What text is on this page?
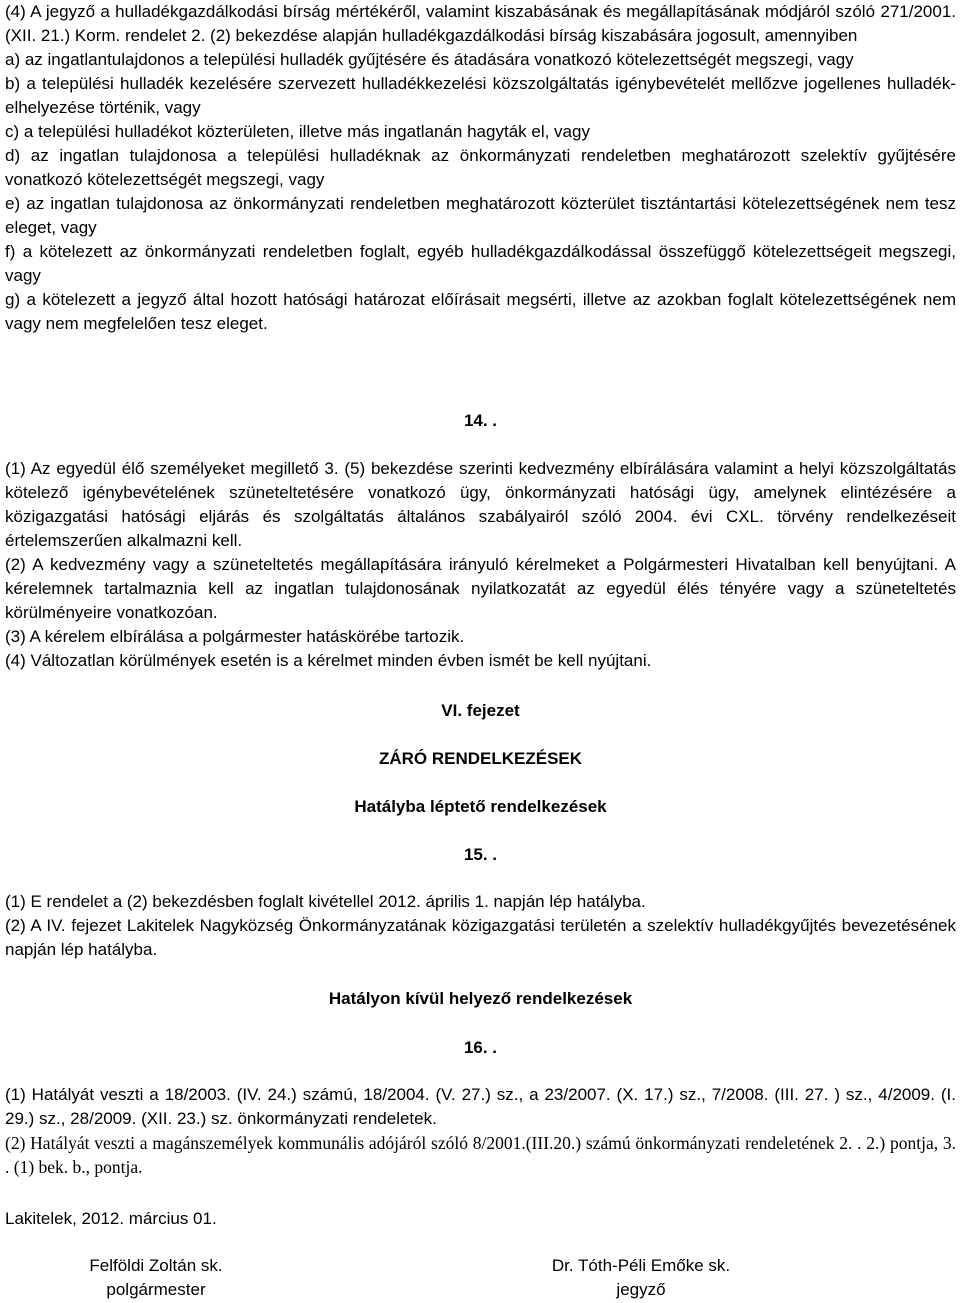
(4) A jegyző a hulladékgazdálkodási bírság mértékéről, valamint kiszabásának és megállapításának módjáról szóló 271/2001. (XII. 21.) Korm. rendelet 2. (2) bekezdése alapján hulladékgazdálkodási bírság kiszabására jogosult, amennyiben

a) az ingatlantulajdonos a települési hulladék gyűjtésére és átadására vonatkozó kötelezettségét megszegi, vagy

b) a települési hulladék kezelésére szervezett hulladékkezelési közszolgáltatás igénybevételét mellőzve jogellenes hulladék-elhelyezése történik, vagy

c) a települési hulladékot közterületen, illetve más ingatlanán hagyták el, vagy

d) az ingatlan tulajdonosa a települési hulladéknak az önkormányzati rendeletben meghatározott szelektív gyűjtésére vonatkozó kötelezettségét megszegi, vagy

e) az ingatlan tulajdonosa az önkormányzati rendeletben meghatározott közterület tisztántartási kötelezettségének nem tesz eleget, vagy

f) a kötelezett az önkormányzati rendeletben foglalt, egyéb hulladékgazdálkodással összefüggő kötelezettségeit megszegi, vagy

g) a kötelezett a jegyző által hozott hatósági határozat előírásait megsérti, illetve az azokban foglalt kötelezettségének nem vagy nem megfelelően tesz eleget.

14. .

(1) Az egyedül élő személyeket megillető 3. (5) bekezdése szerinti kedvezmény elbírálására valamint a helyi közszolgáltatás kötelező igénybevételének szüneteltetésére vonatkozó ügy, önkormányzati hatósági ügy, amelynek elintézésére a közigazgatási hatósági eljárás és szolgáltatás általános szabályairól szóló 2004. évi CXL. törvény rendelkezéseit értelemszerűen alkalmazni kell.

(2) A kedvezmény vagy a szüneteltetés megállapítására irányuló kérelmeket a Polgármesteri Hivatalban kell benyújtani. A kérelemnek tartalmaznia kell az ingatlan tulajdonosának nyilatkozatát az egyedül élés tényére vagy a szüneteltetés körülményeire vonatkozóan.

(3) A kérelem elbírálása a polgármester hatáskörébe tartozik.

(4) Változatlan körülmények esetén is a kérelmet minden évben ismét be kell nyújtani.

VI. fejezet

ZÁRÓ RENDELKEZÉSEK

Hatályba léptető rendelkezések

15. .

(1) E rendelet a (2) bekezdésben foglalt kivétellel 2012. április 1. napján lép hatályba.

(2) A IV. fejezet Lakitelek Nagyközség Önkormányzatának közigazgatási területén a szelektív hulladékgyűjtés bevezetésének napján lép hatályba.

Hatályon kívül helyező rendelkezések

16. .

(1) Hatályát veszti a 18/2003. (IV. 24.) számú, 18/2004. (V. 27.) sz., a 23/2007. (X. 17.) sz., 7/2008. (III. 27. ) sz., 4/2009. (I. 29.) sz., 28/2009. (XII. 23.) sz. önkormányzati rendeletek.

(2) Hatályát veszti a magánszemélyek kommunális adójáról szóló 8/2001.(III.20.) számú önkormányzati rendeletének 2. . 2.) pontja, 3. . (1) bek. b., pontja.

Lakitelek, 2012. március 01.

Felföldi Zoltán sk.
polgármester
Dr. Tóth-Péli Emőke sk.
jegyző
